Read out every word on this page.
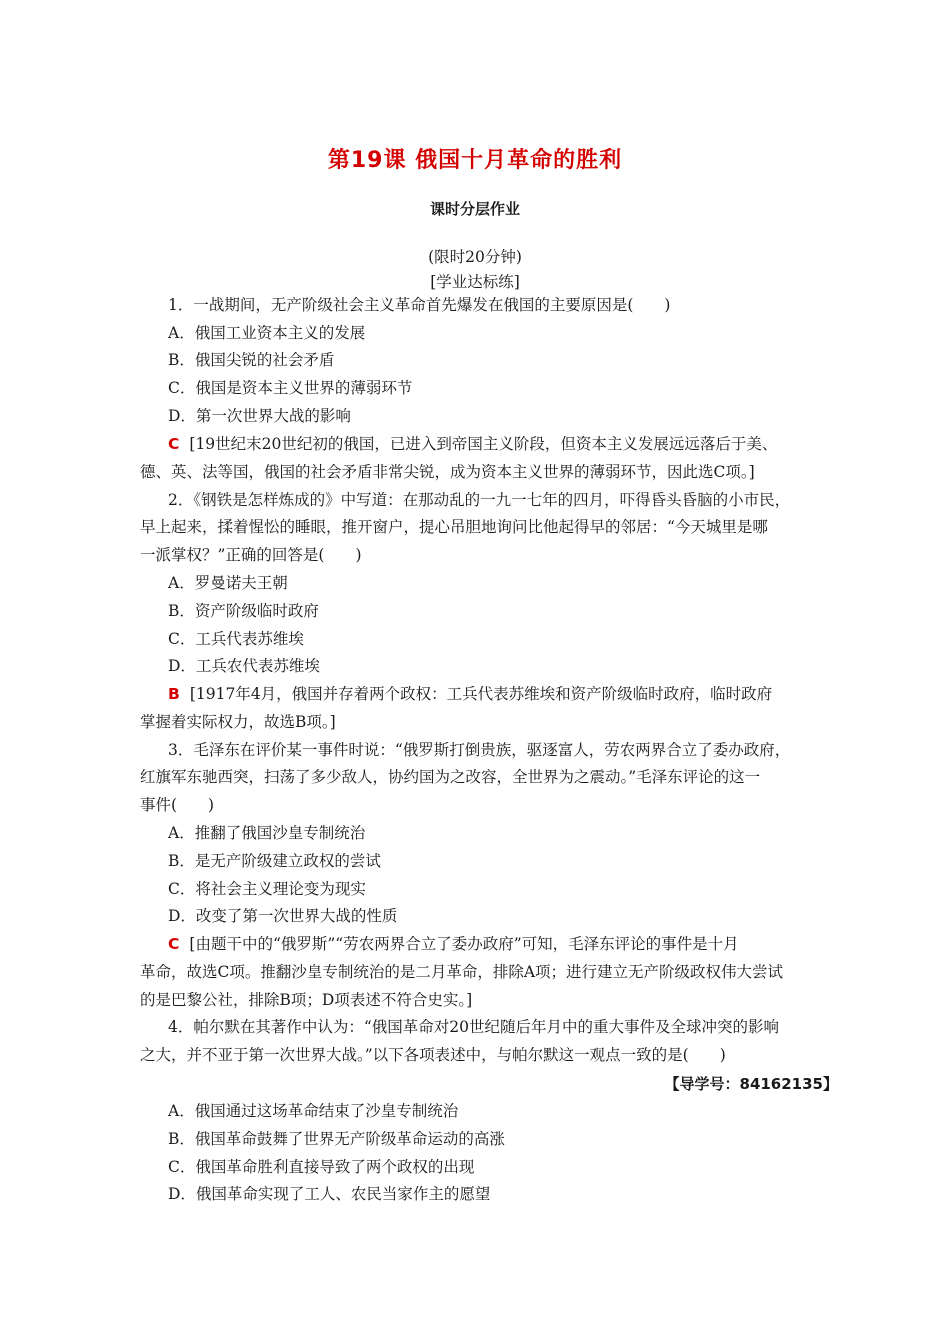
第19课 俄国十月革命的胜利
课时分层作业
(限时20分钟)
[学业达标练]
1．一战期间，无产阶级社会主义革命首先爆发在俄国的主要原因是(　　)
A．俄国工业资本主义的发展
B．俄国尖锐的社会矛盾
C．俄国是资本主义世界的薄弱环节
D．第一次世界大战的影响
C [19世纪末20世纪初的俄国，已进入到帝国主义阶段，但资本主义发展远远落后于美、
德、英、法等国，俄国的社会矛盾非常尖锐，成为资本主义世界的薄弱环节，因此选C项。]
2．《钢铁是怎样炼成的》中写道：在那动乱的一九一七年的四月，吓得昏头昏脑的小市民，
早上起来，揉着惺忪的睡眼，推开窗户，提心吊胆地询问比他起得早的邻居：“今天城里是哪
一派掌权？”正确的回答是(　　)
A．罗曼诺夫王朝
B．资产阶级临时政府
C．工兵代表苏维埃
D．工兵农代表苏维埃
B [1917年4月，俄国并存着两个政权：工兵代表苏维埃和资产阶级临时政府，临时政府
掌握着实际权力，故选B项。]
3．毛泽东在评价某一事件时说：“俄罗斯打倒贵族，驱逐富人，劳农两界合立了委办政府，
红旗军东驰西突，扫荡了多少敌人，协约国为之改容，全世界为之震动。”毛泽东评论的这一
事件(　　)
A．推翻了俄国沙皇专制统治
B．是无产阶级建立政权的尝试
C．将社会主义理论变为现实
D．改变了第一次世界大战的性质
C [由题干中的“俄罗斯”“劳农两界合立了委办政府”可知，毛泽东评论的事件是十月
革命，故选C项。推翻沙皇专制统治的是二月革命，排除A项；进行建立无产阶级政权伟大尝试
的是巴黎公社，排除B项；D项表述不符合史实。]
4．帕尔默在其著作中认为：“俄国革命对20世纪随后年月中的重大事件及全球冲突的影响
之大，并不亚于第一次世界大战。”以下各项表述中，与帕尔默这一观点一致的是(　　)
【导学号：84162135】
A．俄国通过这场革命结束了沙皇专制统治
B．俄国革命鼓舞了世界无产阶级革命运动的高涨
C．俄国革命胜利直接导致了两个政权的出现
D．俄国革命实现了工人、农民当家作主的愿望
